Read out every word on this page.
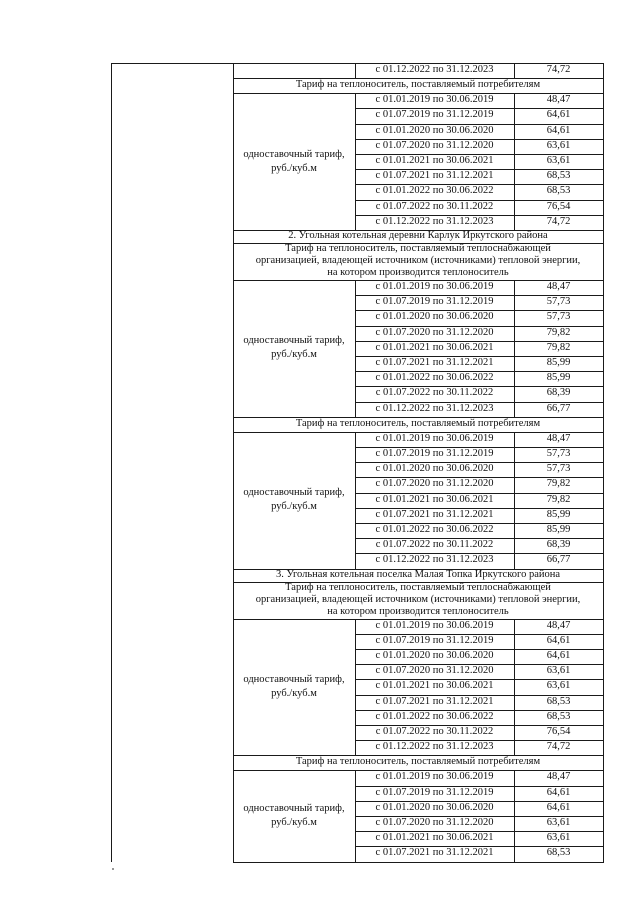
с 01.12.2022 по 31.12.2023	74,72
Тариф на теплоноситель, поставляемый потребителям
с 01.01.2019 по 30.06.2019	48,47
с 01.07.2019 по 31.12.2019	64,61
с 01.01.2020 по 30.06.2020	64,61
с 01.07.2020 по 31.12.2020	63,61
с 01.01.2021 по 30.06.2021	63,61
с 01.07.2021 по 31.12.2021	68,53
с 01.01.2022 по 30.06.2022	68,53
с 01.07.2022 по 30.11.2022	76,54
с 01.12.2022 по 31.12.2023	74,72
одноставочный тариф,
руб./куб.м
2. Угольная котельная деревни Карлук Иркутского района
Тариф на теплоноситель, поставляемый теплоснабжающей
организацией, владеющей источником (источниками) тепловой энергии,
на котором производится теплоноситель
с 01.01.2019 по 30.06.2019	48,47
с 01.07.2019 по 31.12.2019	57,73
с 01.01.2020 по 30.06.2020	57,73
с 01.07.2020 по 31.12.2020	79,82
с 01.01.2021 по 30.06.2021	79,82
с 01.07.2021 по 31.12.2021	85,99
с 01.01.2022 по 30.06.2022	85,99
с 01.07.2022 по 30.11.2022	68,39
с 01.12.2022 по 31.12.2023	66,77
одноставочный тариф,
руб./куб.м
Тариф на теплоноситель, поставляемый потребителям
с 01.01.2019 по 30.06.2019	48,47
с 01.07.2019 по 31.12.2019	57,73
с 01.01.2020 по 30.06.2020	57,73
с 01.07.2020 по 31.12.2020	79,82
с 01.01.2021 по 30.06.2021	79,82
с 01.07.2021 по 31.12.2021	85,99
с 01.01.2022 по 30.06.2022	85,99
с 01.07.2022 по 30.11.2022	68,39
с 01.12.2022 по 31.12.2023	66,77
одноставочный тариф,
руб./куб.м
3. Угольная котельная поселка Малая Топка Иркутского района
Тариф на теплоноситель, поставляемый теплоснабжающей
организацией, владеющей источником (источниками) тепловой энергии,
на котором производится теплоноситель
с 01.01.2019 по 30.06.2019	48,47
с 01.07.2019 по 31.12.2019	64,61
с 01.01.2020 по 30.06.2020	64,61
с 01.07.2020 по 31.12.2020	63,61
с 01.01.2021 по 30.06.2021	63,61
с 01.07.2021 по 31.12.2021	68,53
с 01.01.2022 по 30.06.2022	68,53
с 01.07.2022 по 30.11.2022	76,54
с 01.12.2022 по 31.12.2023	74,72
одноставочный тариф,
руб./куб.м
Тариф на теплоноситель, поставляемый потребителям
с 01.01.2019 по 30.06.2019	48,47
с 01.07.2019 по 31.12.2019	64,61
с 01.01.2020 по 30.06.2020	64,61
с 01.07.2020 по 31.12.2020	63,61
с 01.01.2021 по 30.06.2021	63,61
с 01.07.2021 по 31.12.2021	68,53
одноставочный тариф,
руб./куб.м
